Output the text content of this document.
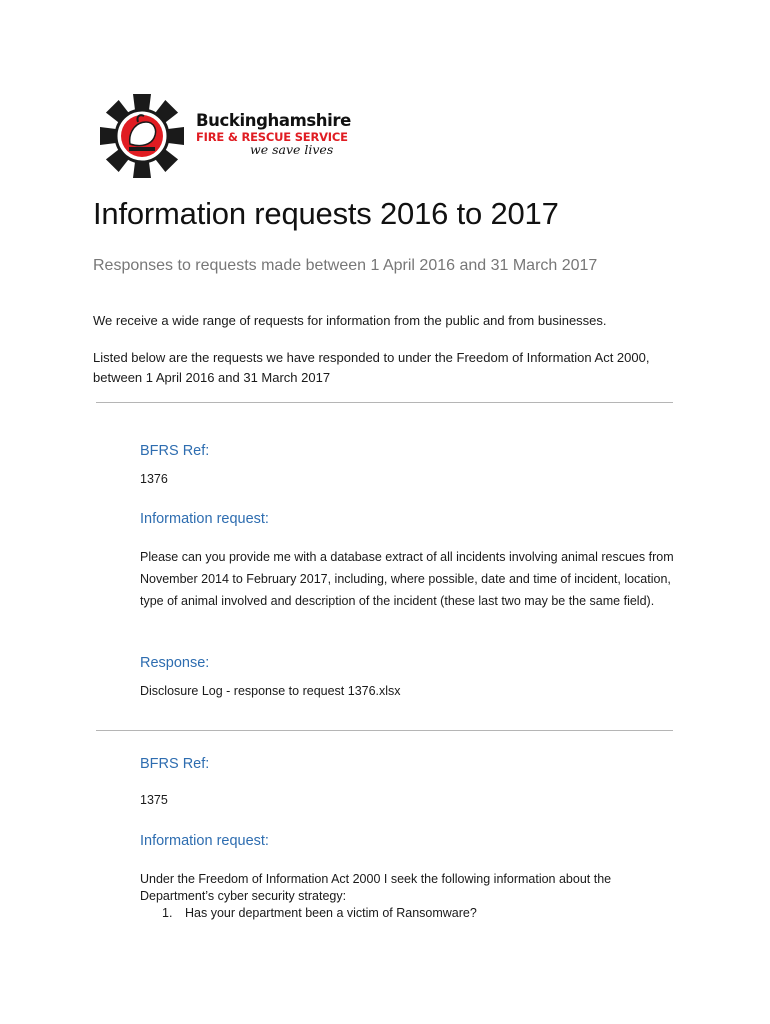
Buckinghamshire
FIRE & RESCUE SERVICE
we save lives
Information requests 2016 to 2017
Responses to requests made between 1 April 2016 and 31 March 2017
We receive a wide range of requests for information from the public and from businesses.
Listed below are the requests we have responded to under the Freedom of Information Act 2000, between 1 April 2016 and 31 March 2017
BFRS Ref:
1376
Information request:
Please can you provide me with a database extract of all incidents involving animal rescues from November 2014 to February 2017, including, where possible, date and time of incident, location, type of animal involved and description of the incident (these last two may be the same field).
Response:
Disclosure Log - response to request 1376.xlsx
BFRS Ref:
1375
Information request:
Under the Freedom of Information Act 2000 I seek the following information about the Department’s cyber security strategy:
1. Has your department been a victim of Ransomware?
